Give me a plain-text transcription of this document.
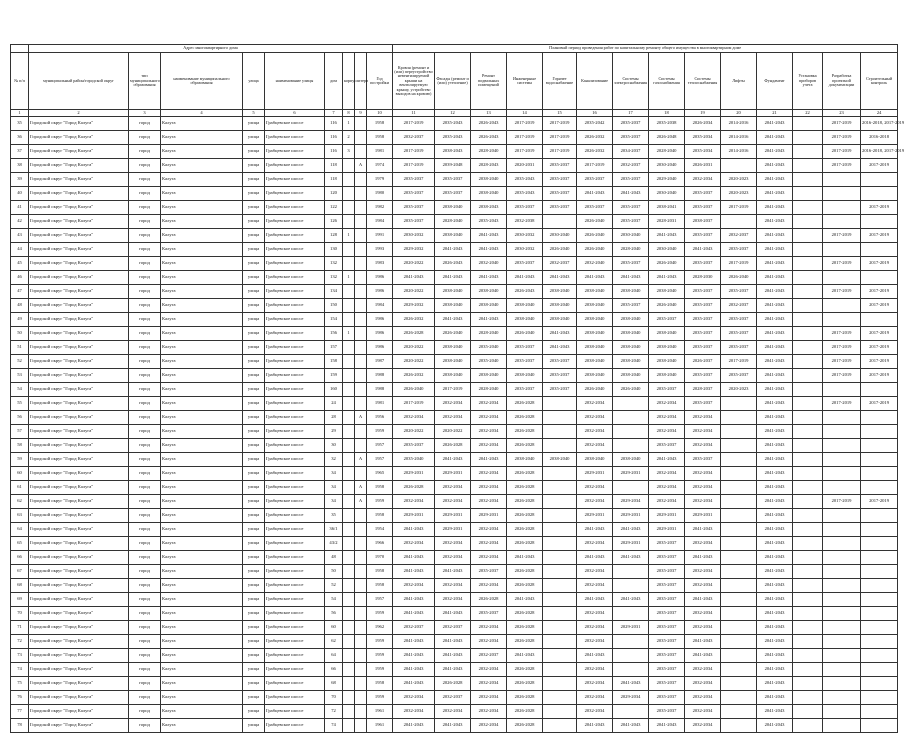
	Адрес многоквартирного дома									Плановый период проведения работ по капитальному ремонту общего имущества в многоквартирном доме													
№ п/п	муниципальный район/городской округ	тип муниципального образования	наименование муниципального образования	улица	наименование улицы	дом	корпус	литера	Год постройки	Кровля (ремонт и (или) переустройство невентилируемой крыши на вентилируемую крышу, устройство выходов на кровлю)	Фасады (ремонт и (или) утепление)	Ремонт подвальных помещений	Инженерные системы	Горячее водоснабжение	Канализование	Системы электроснабжения	Системы газоснабжения	Системы теплоснабжения	Лифты	Фундамент	Установка приборов учета	Разработка проектной документации	Строительный контроль
1	2	3	4	5	6	7	8	9	10	11	12	13	14	15	16	17	18	19	20	21	22	23	24
35	Городской округ "Город Калуга"	город	Калуга	улица	Грабцевское шоссе	116	1		1958	2017-2019	2035-2043	2026-2043	2017-2019	2017-2019	2035-2042	2035-2037	2035-2038	2026-2034	2014-2016	2041-2043		2017-2019	2016-2018, 2017-2019
36	Городской округ "Город Калуга"	город	Калуга	улица	Грабцевское шоссе	116	2		1958	2032-2037	2035-2043	2026-2043	2017-2019	2017-2019	2026-2032	2035-2037	2026-2048	2035-2034	2014-2016	2041-2043		2017-2019	2016-2018
37	Городской округ "Город Калуга"	город	Калуга	улица	Грабцевское шоссе	116	3		1981	2017-2019	2038-2043	2028-2040	2017-2019	2017-2019	2026-2032	2034-2037	2028-2040	2035-2034	2014-2016	2041-2043		2017-2019	2016-2018, 2017-2019
38	Городской округ "Город Калуга"	город	Калуга	улица	Грабцевское шоссе	118		А	1974	2017-2019	2039-2048	2028-2043	2020-2031	2035-2037	2017-2019	2032-2037	2030-2040	2026-2031		2041-2043		2017-2019	2017-2019
39	Городской округ "Город Калуга"	город	Калуга	улица	Грабцевское шоссе	118			1979	2035-2037	2035-2037	2038-2040	2035-2043	2035-2037	2035-2037	2035-2037	2029-2040	2032-2034	2020-2023	2041-2043			
40	Городской округ "Город Калуга"	город	Калуга	улица	Грабцевское шоссе	120			1980	2035-2037	2035-2037	2038-2040	2035-2043	2035-2037	2041-2043	2041-2043	2030-2040	2035-2037	2020-2023	2041-2043			
41	Городской округ "Город Калуга"	город	Калуга	улица	Грабцевское шоссе	122			1982	2035-2037	2038-2040	2038-2043	2035-2037	2035-2037	2035-2037	2035-2037	2038-2041	2035-2037	2017-2019	2041-2043			2017-2019
42	Городской округ "Город Калуга"	город	Калуга	улица	Грабцевское шоссе	126			1984	2035-2037	2028-2040	2035-2043	2032-2038		2026-2040	2035-2037	2028-2031	2038-2037		2041-2043			
43	Городской округ "Город Калуга"	город	Калуга	улица	Грабцевское шоссе	128	1		1991	2030-2032	2038-2040	2041-2043	2030-2032	2030-2040	2026-2040	2030-2040	2041-2043	2035-2037	2032-2037	2041-2043		2017-2019	2017-2019
44	Городской округ "Город Калуга"	город	Калуга	улица	Грабцевское шоссе	130			1993	2029-2032	2041-2043	2041-2043	2030-2032	2026-2040	2026-2040	2028-2040	2030-2040	2041-2043	2035-2037	2041-2043			
45	Городской округ "Город Калуга"	город	Калуга	улица	Грабцевское шоссе	132			1983	2020-2022	2026-2043	2032-2040	2035-2037	2032-2037	2032-2040	2035-2037	2026-2040	2035-2037	2017-2019	2041-2043		2017-2019	2017-2019
46	Городской округ "Город Калуга"	город	Калуга	улица	Грабцевское шоссе	132	1		1986	2041-2043	2041-2043	2041-2043	2041-2043	2041-2043	2041-2043	2041-2043	2041-2043	2028-2030	2026-2040	2041-2043			
47	Городской округ "Город Калуга"	город	Калуга	улица	Грабцевское шоссе	134			1986	2020-2022	2038-2040	2038-2040	2026-2043	2038-2040	2038-2040	2038-2040	2038-2040	2035-2037	2035-2037	2041-2043		2017-2019	2017-2019
48	Городской округ "Город Калуга"	город	Калуга	улица	Грабцевское шоссе	150			1984	2029-2032	2038-2040	2038-2040	2038-2040	2038-2040	2038-2040	2035-2037	2026-2040	2035-2037	2032-2037	2041-2043			2017-2019
49	Городской округ "Город Калуга"	город	Калуга	улица	Грабцевское шоссе	154			1986	2026-2032	2041-2043	2041-2043	2038-2040	2038-2040	2038-2040	2038-2040	2035-2037	2035-2037	2035-2037	2041-2043			
50	Городской округ "Город Калуга"	город	Калуга	улица	Грабцевское шоссе	156	1		1986	2026-2028	2026-2040	2028-2040	2026-2040	2041-2043	2038-2040	2038-2040	2038-2040	2035-2037	2035-2037	2041-2043		2017-2019	2017-2019
51	Городской округ "Город Калуга"	город	Калуга	улица	Грабцевское шоссе	157			1986	2020-2022	2038-2040	2035-2040	2035-2037	2041-2043	2038-2040	2038-2040	2038-2040	2035-2037	2035-2037	2041-2043		2017-2019	2017-2019
52	Городской округ "Город Калуга"	город	Калуга	улица	Грабцевское шоссе	158			1987	2020-2022	2038-2040	2035-2040	2035-2037	2035-2037	2038-2040	2038-2040	2038-2040	2026-2037	2017-2019	2041-2043		2017-2019	2017-2019
53	Городской округ "Город Калуга"	город	Калуга	улица	Грабцевское шоссе	159			1988	2026-2032	2038-2040	2038-2040	2038-2040	2035-2037	2038-2040	2038-2040	2038-2040	2035-2037	2035-2037	2041-2043		2017-2019	2017-2019
54	Городской округ "Город Калуга"	город	Калуга	улица	Грабцевское шоссе	160			1988	2026-2040	2017-2019	2028-2040	2035-2037	2035-2037	2026-2040	2026-2040	2035-2037	2028-2037	2020-2023	2041-2043			
55	Городской округ "Город Калуга"	город	Калуга	улица	Грабцевское шоссе	24			1981	2017-2019	2032-2034	2032-2034	2026-2028		2032-2034		2032-2034	2035-2037		2041-2043		2017-2019	2017-2019
56	Городской округ "Город Калуга"	город	Калуга	улица	Грабцевское шоссе	28		А	1956	2032-2034	2032-2034	2032-2034	2026-2028		2032-2034		2032-2034	2032-2034		2041-2043			
57	Городской округ "Город Калуга"	город	Калуга	улица	Грабцевское шоссе	29			1959	2020-2022	2020-2022	2032-2034	2026-2028		2032-2034		2032-2034	2032-2034		2041-2043			
58	Городской округ "Город Калуга"	город	Калуга	улица	Грабцевское шоссе	30			1957	2035-2037	2026-2028	2032-2034	2026-2028		2032-2034		2035-2037	2032-2034		2041-2043			
59	Городской округ "Город Калуга"	город	Калуга	улица	Грабцевское шоссе	32		А	1957	2035-2040	2041-2043	2041-2043	2038-2040	2038-2040	2038-2040	2038-2040	2041-2043	2035-2037		2041-2043			
60	Городской округ "Город Калуга"	город	Калуга	улица	Грабцевское шоссе	34			1965	2029-2031	2029-2031	2032-2034	2026-2028		2029-2031	2029-2031	2032-2034	2032-2034		2041-2043			
61	Городской округ "Город Калуга"	город	Калуга	улица	Грабцевское шоссе	34		А	1958	2026-2028	2032-2034	2032-2034	2026-2028		2032-2034		2032-2034	2032-2034		2041-2043			
62	Городской округ "Город Калуга"	город	Калуга	улица	Грабцевское шоссе	34		А	1959	2032-2034	2032-2034	2032-2034	2026-2028		2032-2034	2029-2034	2032-2034	2032-2034		2041-2043		2017-2019	2017-2019
63	Городской округ "Город Калуга"	город	Калуга	улица	Грабцевское шоссе	35			1958	2029-2031	2029-2031	2029-2031	2026-2028		2029-2031	2029-2031	2029-2031	2029-2031		2041-2043			
64	Городской округ "Город Калуга"	город	Калуга	улица	Грабцевское шоссе	36/1			1954	2041-2043	2029-2031	2032-2034	2026-2028		2041-2043	2041-2043	2029-2031	2041-2043		2041-2043			
65	Городской округ "Город Калуга"	город	Калуга	улица	Грабцевское шоссе	43/2			1966	2032-2034	2032-2034	2032-2034	2026-2028		2032-2034	2029-2031	2035-2037	2032-2034		2041-2043			
66	Городской округ "Город Калуга"	город	Калуга	улица	Грабцевское шоссе	48			1970	2041-2043	2032-2034	2032-2034	2041-2043		2041-2043	2041-2043	2035-2037	2041-2043		2041-2043			
67	Городской округ "Город Калуга"	город	Калуга	улица	Грабцевское шоссе	50			1958	2041-2043	2041-2043	2035-2037	2026-2028		2032-2034		2035-2037	2032-2034		2041-2043			
68	Городской округ "Город Калуга"	город	Калуга	улица	Грабцевское шоссе	52			1958	2032-2034	2032-2034	2032-2034	2026-2028		2032-2034		2035-2037	2032-2034		2041-2043			
69	Городской округ "Город Калуга"	город	Калуга	улица	Грабцевское шоссе	54			1957	2041-2043	2032-2034	2026-2028	2041-2043		2041-2043	2041-2043	2035-2037	2041-2043		2041-2043			
70	Городской округ "Город Калуга"	город	Калуга	улица	Грабцевское шоссе	56			1959	2041-2043	2041-2043	2035-2037	2026-2028		2032-2034		2035-2037	2032-2034		2041-2043			
71	Городской округ "Город Калуга"	город	Калуга	улица	Грабцевское шоссе	60			1962	2032-2037	2032-2037	2032-2034	2026-2028		2032-2034	2029-2031	2035-2037	2032-2034		2041-2043			
72	Городской округ "Город Калуга"	город	Калуга	улица	Грабцевское шоссе	62			1959	2041-2043	2041-2043	2032-2034	2026-2028		2032-2034		2035-2037	2041-2043		2041-2043			
73	Городской округ "Город Калуга"	город	Калуга	улица	Грабцевское шоссе	64			1959	2041-2043	2041-2043	2032-2037	2041-2043		2041-2043		2035-2037	2041-2043		2041-2043			
74	Городской округ "Город Калуга"	город	Калуга	улица	Грабцевское шоссе	66			1959	2041-2043	2041-2043	2032-2034	2026-2028		2032-2034		2035-2037	2032-2034		2041-2043			
75	Городской округ "Город Калуга"	город	Калуга	улица	Грабцевское шоссе	68			1958	2041-2043	2026-2028	2032-2034	2026-2028		2032-2034	2041-2043	2035-2037	2032-2034		2041-2043			
76	Городской округ "Город Калуга"	город	Калуга	улица	Грабцевское шоссе	70			1959	2032-2034	2032-2037	2032-2034	2026-2028		2032-2034	2029-2034	2035-2037	2032-2034		2041-2043			
77	Городской округ "Город Калуга"	город	Калуга	улица	Грабцевское шоссе	72			1961	2032-2034	2032-2034	2032-2034	2026-2028		2032-2034		2035-2037	2032-2034		2041-2043			
78	Городской округ "Город Калуга"	город	Калуга	улица	Грабцевское шоссе	74			1961	2041-2043	2041-2043	2032-2034	2026-2028		2041-2043	2041-2043	2041-2043	2032-2034		2041-2043			
